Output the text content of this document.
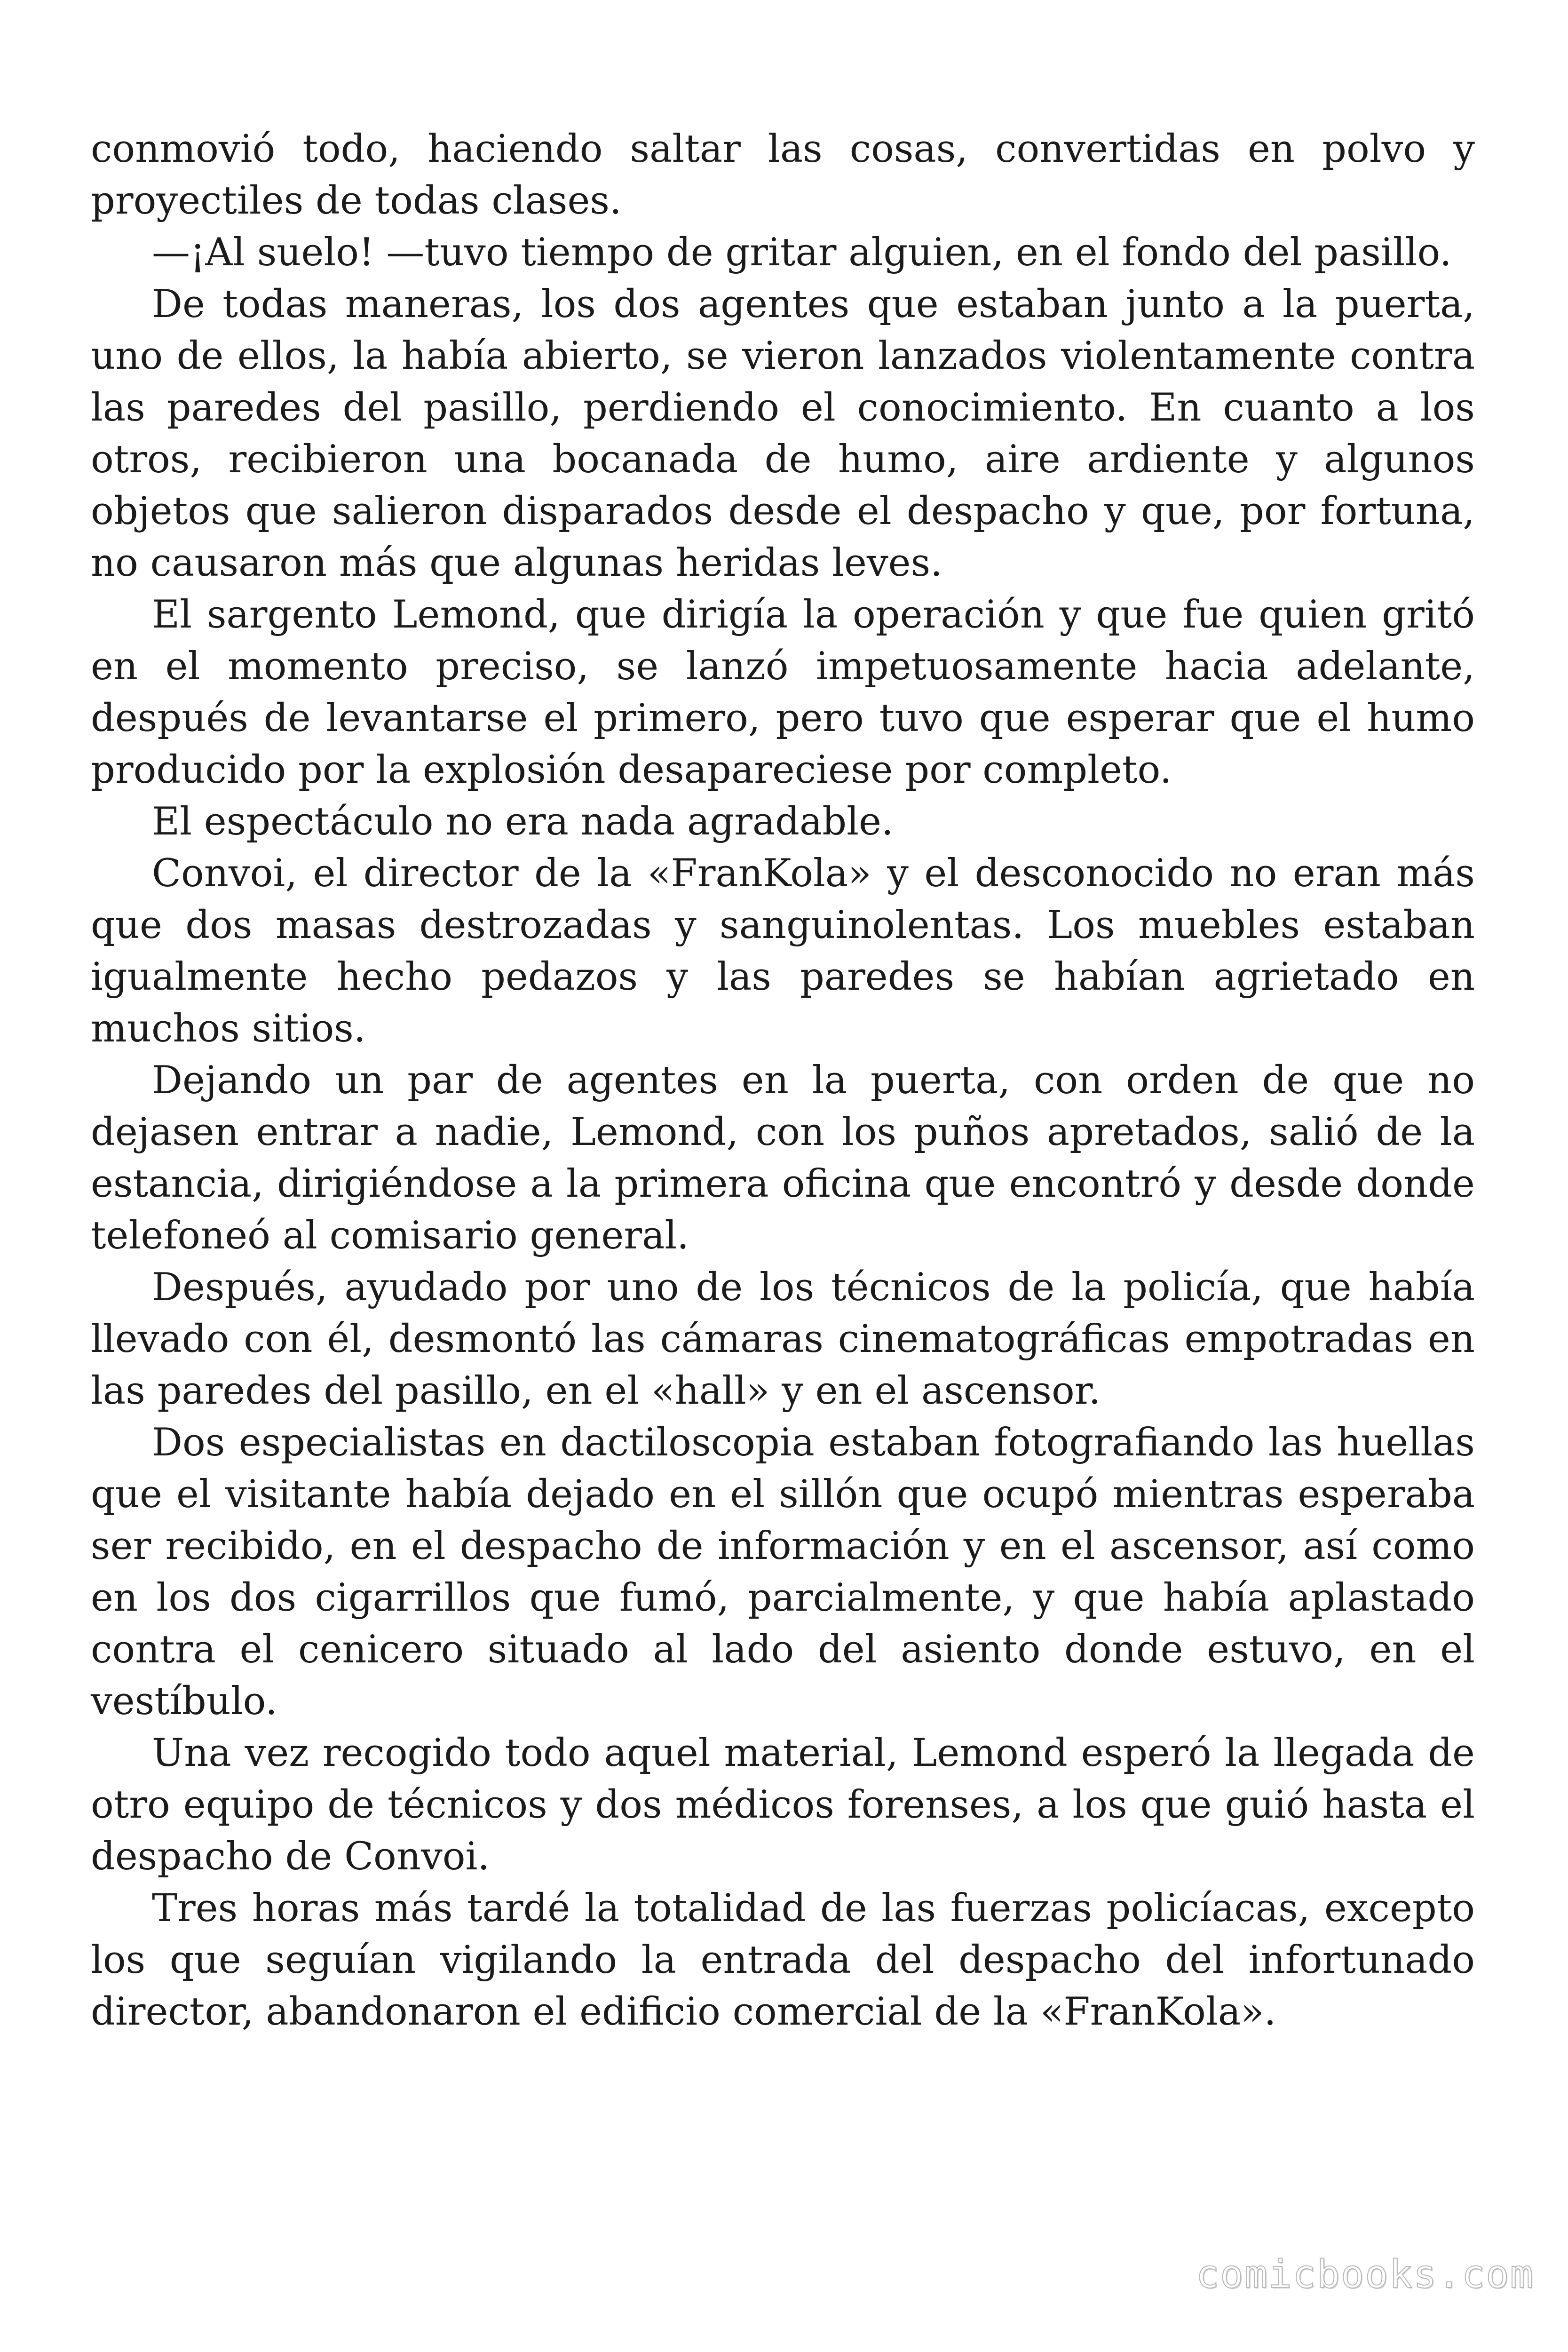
conmovió todo, haciendo saltar las cosas, convertidas en polvo y proyectiles de todas clases.

—¡Al suelo! —tuvo tiempo de gritar alguien, en el fondo del pasillo.

De todas maneras, los dos agentes que estaban junto a la puerta, uno de ellos, la había abierto, se vieron lanzados violentamente contra las paredes del pasillo, perdiendo el conocimiento. En cuanto a los otros, recibieron una bocanada de humo, aire ardiente y algunos objetos que salieron disparados desde el despacho y que, por fortuna, no causaron más que algunas heridas leves.

El sargento Lemond, que dirigía la operación y que fue quien gritó en el momento preciso, se lanzó impetuosamente hacia adelante, después de levantarse el primero, pero tuvo que esperar que el humo producido por la explosión desapareciese por completo.

El espectáculo no era nada agradable.

Convoi, el director de la «FranKola» y el desconocido no eran más que dos masas destrozadas y sanguinolentas. Los muebles estaban igualmente hecho pedazos y las paredes se habían agrietado en muchos sitios.

Dejando un par de agentes en la puerta, con orden de que no dejasen entrar a nadie, Lemond, con los puños apretados, salió de la estancia, dirigiéndose a la primera oficina que encontró y desde donde telefoneó al comisario general.

Después, ayudado por uno de los técnicos de la policía, que había llevado con él, desmontó las cámaras cinematográficas empotradas en las paredes del pasillo, en el «hall» y en el ascensor.

Dos especialistas en dactiloscopia estaban fotografiando las huellas que el visitante había dejado en el sillón que ocupó mientras esperaba ser recibido, en el despacho de información y en el ascensor, así como en los dos cigarrillos que fumó, parcialmente, y que había aplastado contra el cenicero situado al lado del asiento donde estuvo, en el vestíbulo.

Una vez recogido todo aquel material, Lemond esperó la llegada de otro equipo de técnicos y dos médicos forenses, a los que guió hasta el despacho de Convoi.

Tres horas más tardé la totalidad de las fuerzas policíacas, excepto los que seguían vigilando la entrada del despacho del infortunado director, abandonaron el edificio comercial de la «FranKola».

comicbooks.com
